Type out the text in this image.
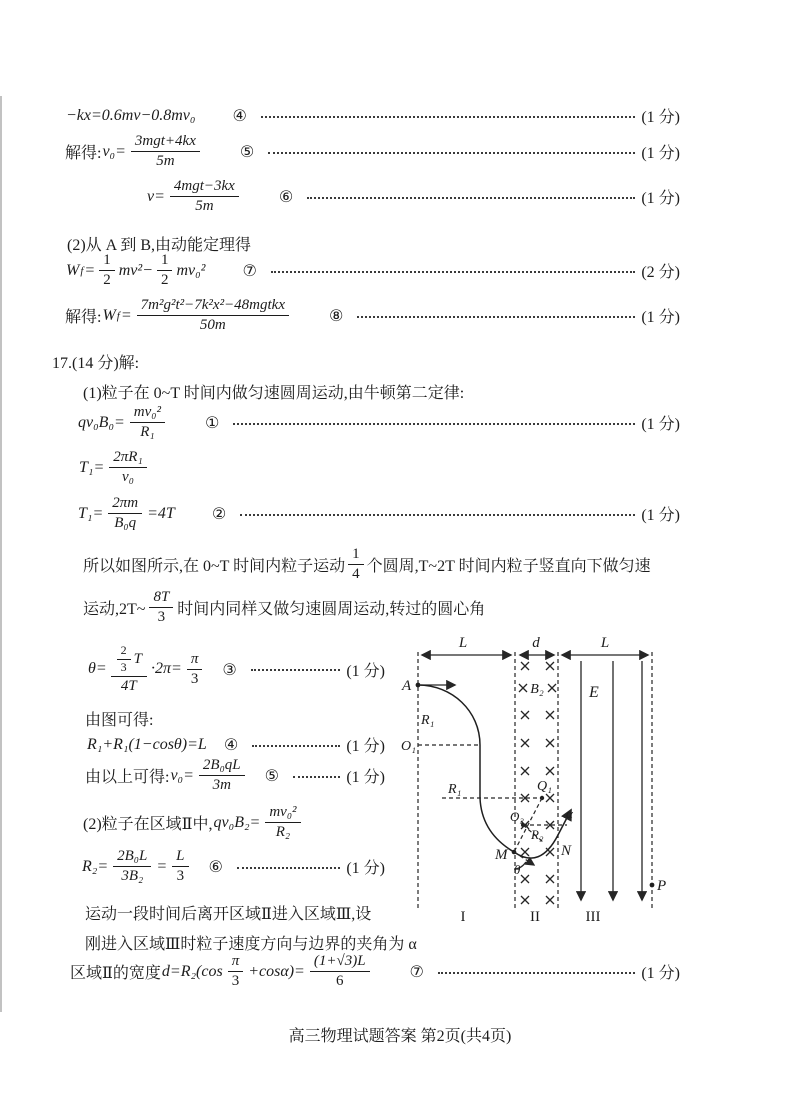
−kx=0.6mv−0.8mv₀ ④	(1 分)
解得: v₀=
3mgt+4kx
5m	⑤	(1 分)
v=
4mgt−3kx
5m	⑥	(1 分)
(2)从 A 到 B,由动能定理得
W $f = \frac{1}{2} mv^2- \frac{1}{2} mv_0^2$ ⑦	(2 分)
解得: W f =
7m²g²t²−7k²x²−48mgtkx
50m	⑧	(1 分)
17.(14 分)解:
(1)粒子在 0~T 时间内做匀速圆周运动,由牛顿第二定律:
$qv_0B_0= \frac{\text{mv₀²}}{\text{R₁}}$ ①	(1 分)
$T_1= \frac{\text{2πR₁}}{\text{v₀}}$
$T_1= \frac{2\pi m}{\text{B₀q}} =4T$ ②	(1 分)
所以如图所示,在 0~T 时间内粒子运动
1
4 个圆周,T~2T 时间内粒子竖直向下做匀速
运动,2T~
8T
3 时间内同样又做匀速圆周运动,转过的圆心角
θ= 2
3
T
$4T \cdot 2\pi= \frac{\pi}{3}$ ③	(1 分)
由图可得:
R₁+R₁(1−cosθ)=L ④	(1 分)
由以上可得: $v_0= \frac{\text{2B₀qL}}{3m}$ ⑤	(1 分)
(2)粒子在区域Ⅱ中, $qv_0B_2= \frac{\text{mv₀²}}{\text{R₂}}$
$R_2= \frac{\text{2B₀L}}{\text{3B₂}} = \frac{L}{3}$ ⑥	(1 分)
运动一段时间后离开区域Ⅱ进入区域Ⅲ,设
刚进入区域Ⅲ时粒子速度方向与边界的夹角为 α
区域Ⅱ的宽度 d=R₂(cos
π
3
$+\cos\alpha)= \frac{(1+√3)L}{6}$ ⑦	(1 分)
L	d	L
A
R₁
O₁
R₁	Q₁
O₂
R₂
α
M	N
θ
B₂	E
P
I	II	III
高三物理试题答案 第2页(共4页)
